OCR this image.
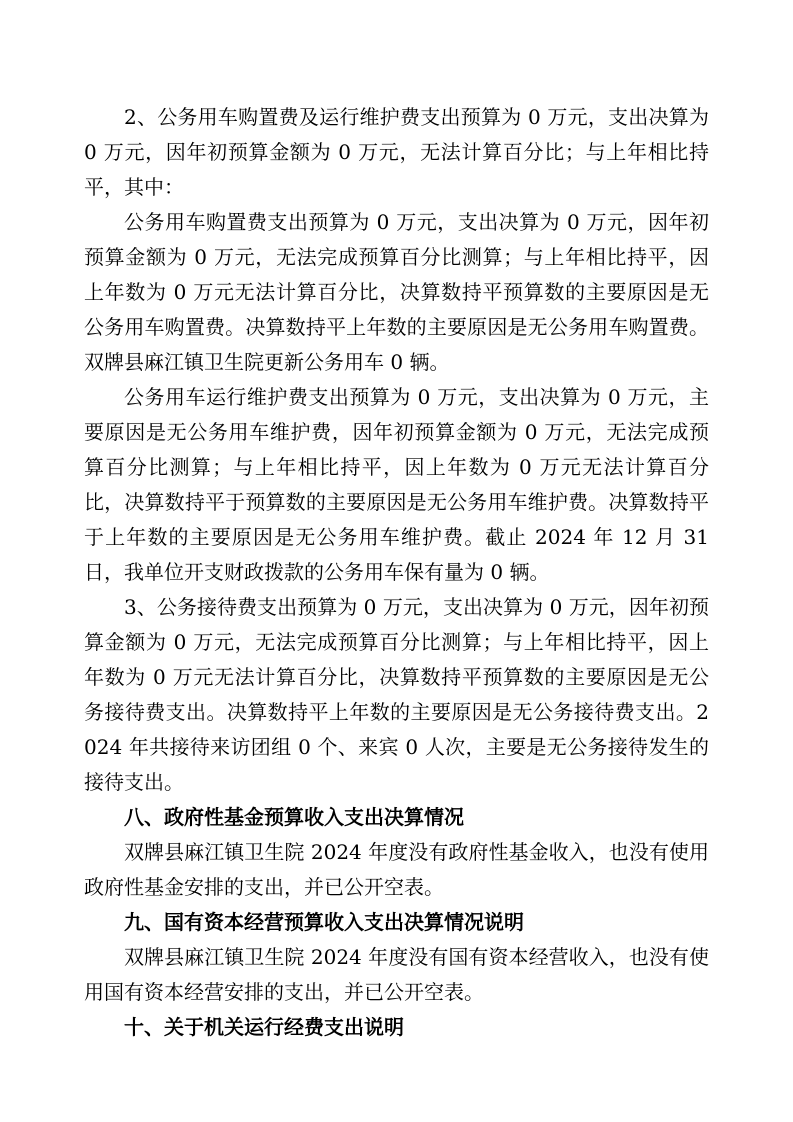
2、公务用车购置费及运行维护费支出预算为 0 万元，支出决算为 0 万元，因年初预算金额为 0 万元，无法计算百分比；与上年相比持平，其中：

公务用车购置费支出预算为 0 万元，支出决算为 0 万元，因年初预算金额为 0 万元，无法完成预算百分比测算；与上年相比持平，因上年数为 0 万元无法计算百分比，决算数持平预算数的主要原因是无公务用车购置费。决算数持平上年数的主要原因是无公务用车购置费。双牌县麻江镇卫生院更新公务用车 0 辆。

公务用车运行维护费支出预算为 0 万元，支出决算为 0 万元，主要原因是无公务用车维护费，因年初预算金额为 0 万元，无法完成预算百分比测算；与上年相比持平，因上年数为 0 万元无法计算百分比，决算数持平于预算数的主要原因是无公务用车维护费。决算数持平于上年数的主要原因是无公务用车维护费。截止 2024 年 12 月 31 日，我单位开支财政拨款的公务用车保有量为 0 辆。

3、公务接待费支出预算为 0 万元，支出决算为 0 万元，因年初预算金额为 0 万元，无法完成预算百分比测算；与上年相比持平，因上年数为 0 万元无法计算百分比，决算数持平预算数的主要原因是无公务接待费支出。决算数持平上年数的主要原因是无公务接待费支出。2024 年共接待来访团组 0 个、来宾 0 人次，主要是无公务接待发生的接待支出。

八、政府性基金预算收入支出决算情况

双牌县麻江镇卫生院 2024 年度没有政府性基金收入，也没有使用政府性基金安排的支出，并已公开空表。

九、国有资本经营预算收入支出决算情况说明

双牌县麻江镇卫生院 2024 年度没有国有资本经营收入，也没有使用国有资本经营安排的支出，并已公开空表。

十、关于机关运行经费支出说明
